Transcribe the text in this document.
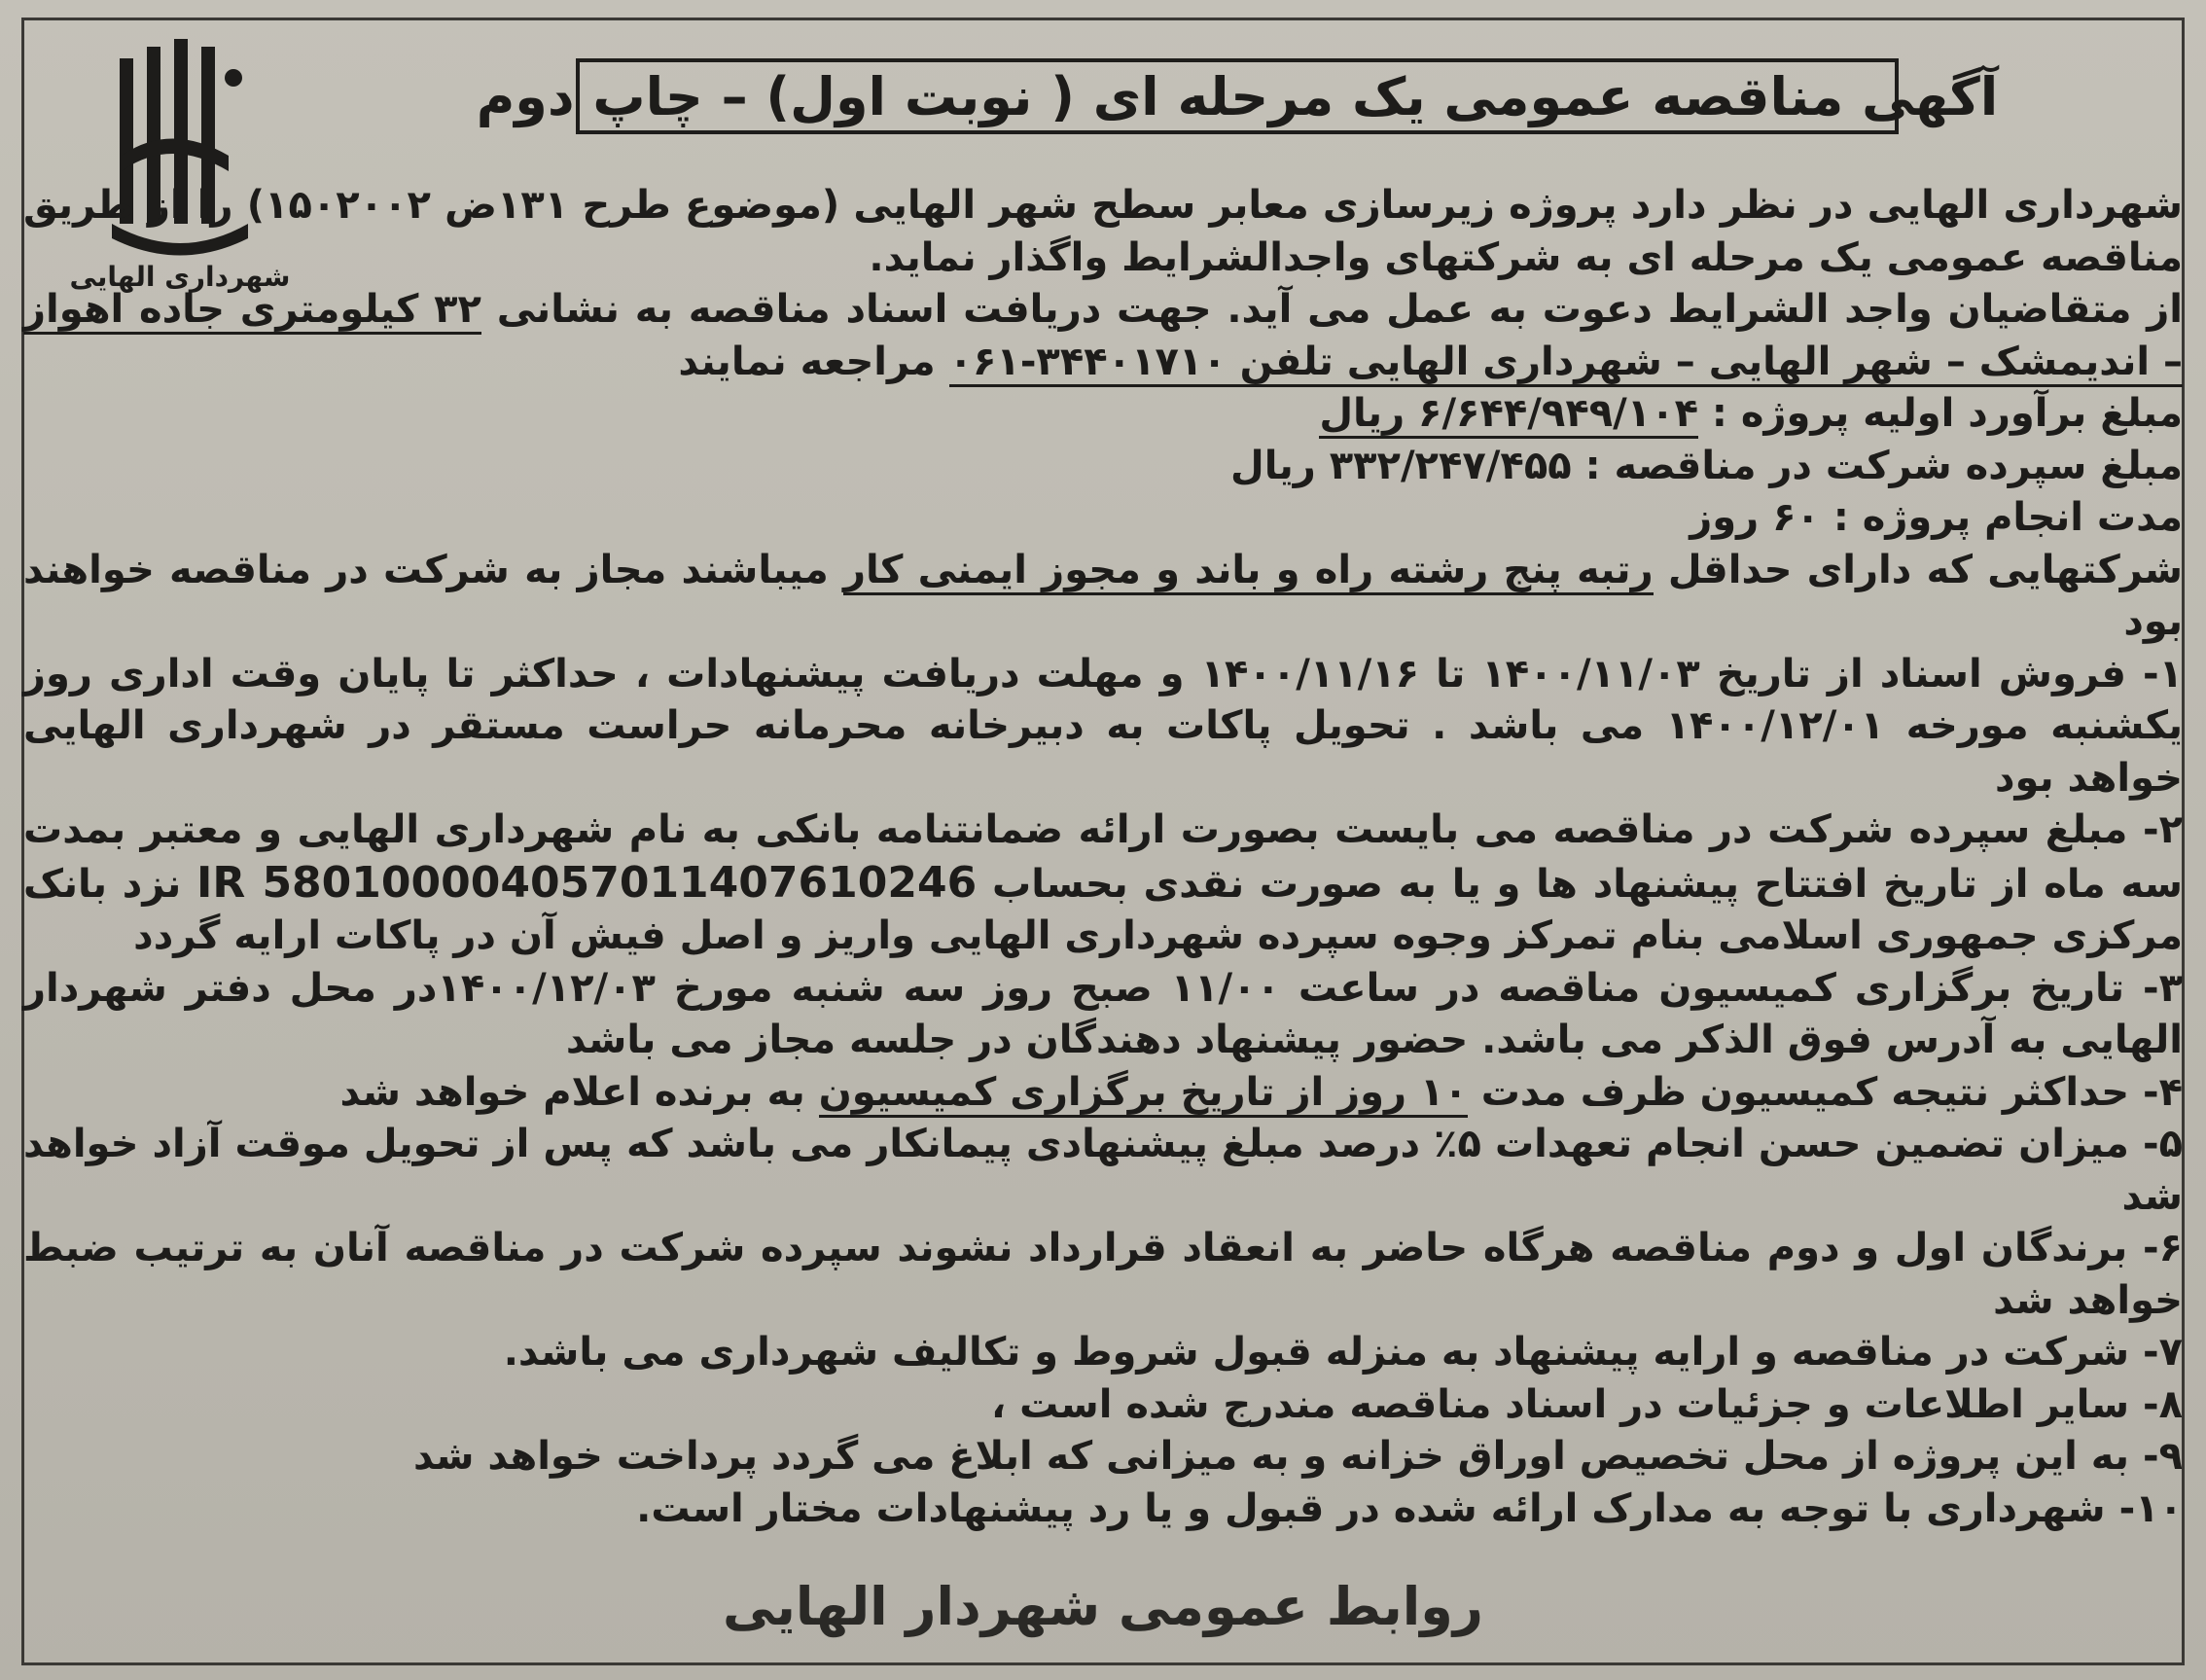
شهرداری الهایی
آگهی مناقصه عمومی یک مرحله ای ( نوبت اول) – چاپ دوم

شهرداری الهایی در نظر دارد پروژه زیرسازی معابر سطح شهر الهایی (موضوع طرح ۱۳۱ض ۱۵۰۲۰۰۲) را از طریق مناقصه عمومی یک مرحله ای به شرکتهای واجدالشرایط واگذار نماید.

از متقاضیان واجد الشرایط دعوت به عمل می آید. جهت دریافت اسناد مناقصه به نشانی ۳۲ کیلومتری جاده اهواز – اندیمشک – شهر الهایی – شهرداری الهایی تلفن ۳۴۴۰۱۷۱۰-۰۶۱ مراجعه نمایند

مبلغ برآورد اولیه پروژه : ۶/۶۴۴/۹۴۹/۱۰۴ ریال

مبلغ سپرده شرکت در مناقصه : ۳۳۲/۲۴۷/۴۵۵ ریال

مدت انجام پروژه : ۶۰ روز

شرکتهایی که دارای حداقل رتبه پنج رشته راه و باند و مجوز ایمنی کار میباشند مجاز به شرکت در مناقصه خواهند بود

۱- فروش اسناد از تاریخ ۱۴۰۰/۱۱/۰۳ تا ۱۴۰۰/۱۱/۱۶ و مهلت دریافت پیشنهادات ، حداکثر تا پایان وقت اداری روز یکشنبه مورخه ۱۴۰۰/۱۲/۰۱ می باشد . تحویل پاکات به دبیرخانه محرمانه حراست مستقر در شهرداری الهایی خواهد بود

۲- مبلغ سپرده شرکت در مناقصه می بایست بصورت ارائه ضمانتنامه بانکی به نام شهرداری الهایی و معتبر بمدت سه ماه از تاریخ افتتاح پیشنهاد ها و یا به صورت نقدی بحساب IR 580100004057011407610246 نزد بانک مرکزی جمهوری اسلامی بنام تمرکز وجوه سپرده شهرداری الهایی واریز و اصل فیش آن در پاکات ارایه گردد

۳- تاریخ برگزاری کمیسیون مناقصه در ساعت ۱۱/۰۰ صبح روز سه شنبه مورخ ۱۴۰۰/۱۲/۰۳در محل دفتر شهردار الهایی به آدرس فوق الذکر می باشد. حضور پیشنهاد دهندگان در جلسه مجاز می باشد

۴- حداکثر نتیجه کمیسیون ظرف مدت ۱۰ روز از تاریخ برگزاری کمیسیون به برنده اعلام خواهد شد

۵- میزان تضمین حسن انجام تعهدات ۵٪ درصد مبلغ پیشنهادی پیمانکار می باشد که پس از تحویل موقت آزاد خواهد شد

۶- برندگان اول و دوم مناقصه هرگاه حاضر به انعقاد قرارداد نشوند سپرده شرکت در مناقصه آنان به ترتیب ضبط خواهد شد

۷- شرکت در مناقصه و ارایه پیشنهاد به منزله قبول شروط و تکالیف شهرداری می باشد.

۸- سایر اطلاعات و جزئیات در اسناد مناقصه مندرج شده است ،

۹- به این پروژه از محل تخصیص اوراق خزانه و به میزانی که ابلاغ می گردد پرداخت خواهد شد

۱۰- شهرداری با توجه به مدارک ارائه شده در قبول و یا رد پیشنهادات مختار است.

روابط عمومی شهردار الهایی
